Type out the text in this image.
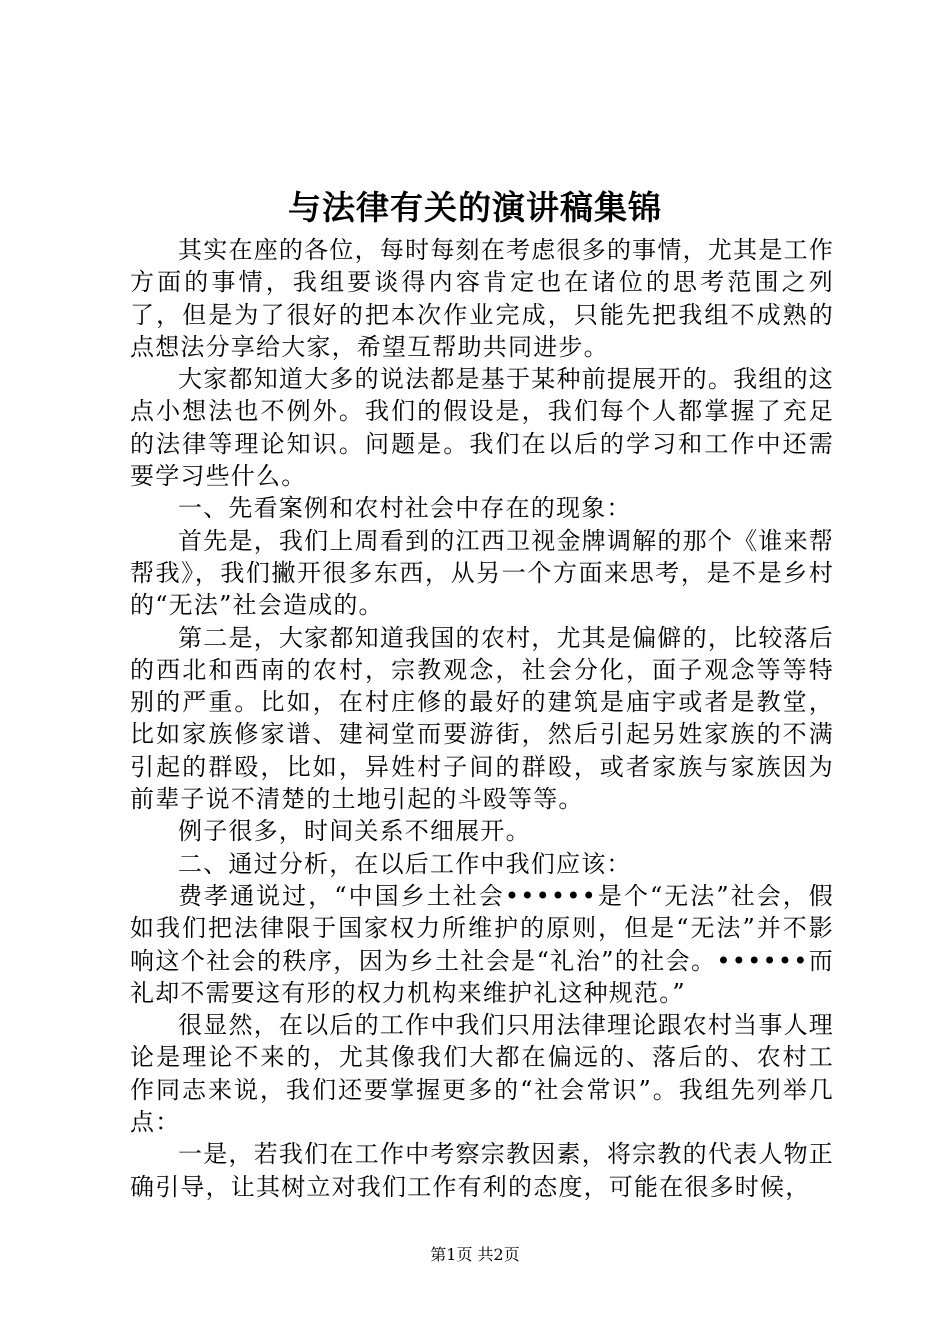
与法律有关的演讲稿集锦

其实在座的各位，每时每刻在考虑很多的事情，尤其是工作方面的事情，我组要谈得内容肯定也在诸位的思考范围之列了，但是为了很好的把本次作业完成，只能先把我组不成熟的点想法分享给大家，希望互帮助共同进步。

大家都知道大多的说法都是基于某种前提展开的。我组的这点小想法也不例外。我们的假设是，我们每个人都掌握了充足的法律等理论知识。问题是。我们在以后的学习和工作中还需要学习些什么。

一、先看案例和农村社会中存在的现象：

首先是，我们上周看到的江西卫视金牌调解的那个《谁来帮帮我》，我们撇开很多东西，从另一个方面来思考，是不是乡村的“无法”社会造成的。

第二是，大家都知道我国的农村，尤其是偏僻的，比较落后的西北和西南的农村，宗教观念，社会分化，面子观念等等特别的严重。比如，在村庄修的最好的建筑是庙宇或者是教堂，比如家族修家谱、建祠堂而要游街，然后引起另姓家族的不满引起的群殴，比如，异姓村子间的群殴，或者家族与家族因为前辈子说不清楚的土地引起的斗殴等等。

例子很多，时间关系不细展开。

二、通过分析，在以后工作中我们应该：

费孝通说过，“中国乡土社会••••••是个“无法”社会，假如我们把法律限于国家权力所维护的原则，但是“无法”并不影响这个社会的秩序，因为乡土社会是“礼治”的社会。••••••而礼却不需要这有形的权力机构来维护礼这种规范。”

很显然，在以后的工作中我们只用法律理论跟农村当事人理论是理论不来的，尤其像我们大都在偏远的、落后的、农村工作同志来说，我们还要掌握更多的“社会常识”。我组先列举几点：

一是，若我们在工作中考察宗教因素，将宗教的代表人物正确引导，让其树立对我们工作有利的态度，可能在很多时候，

第1页 共2页
